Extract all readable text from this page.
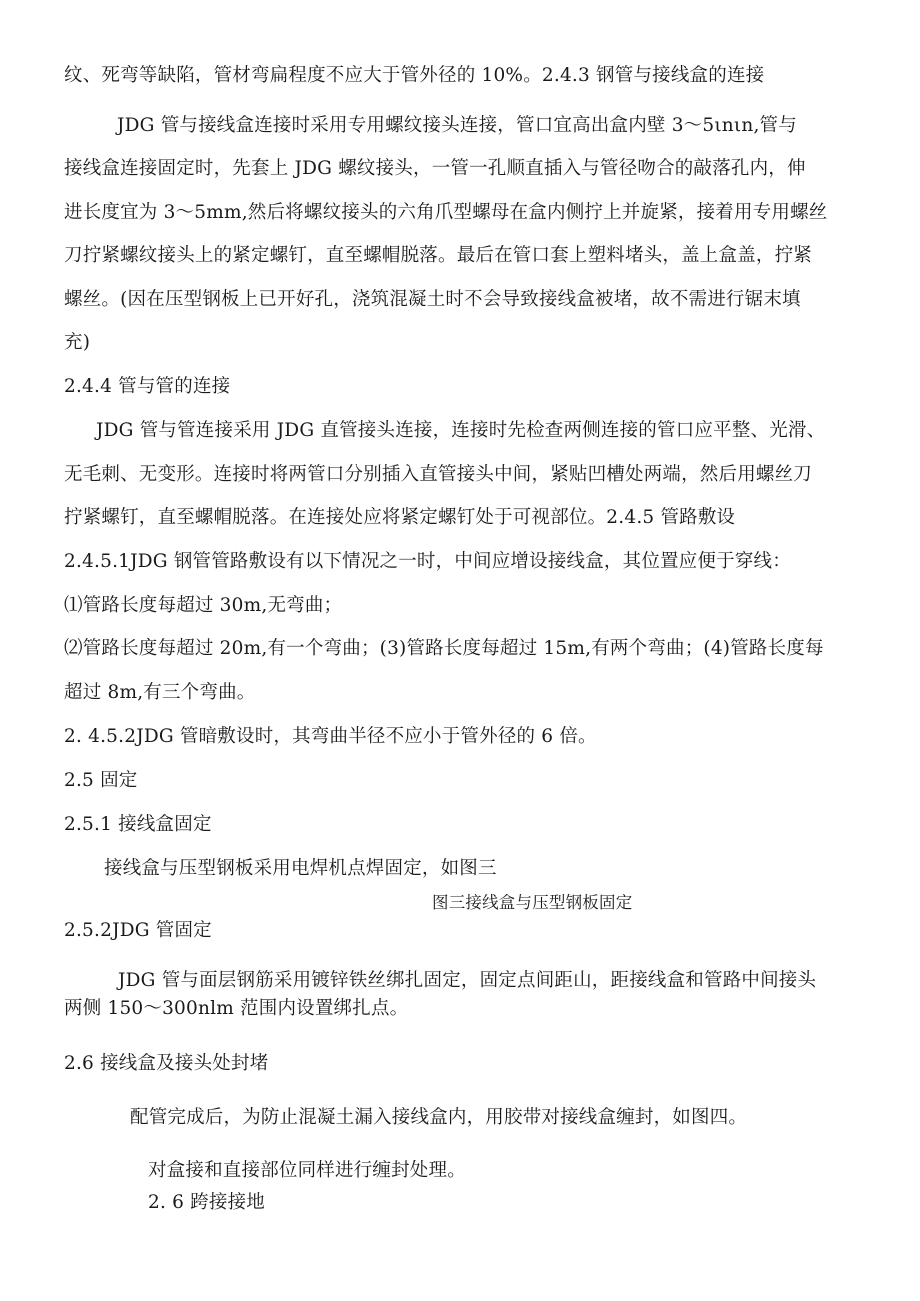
纹、死弯等缺陷，管材弯扁程度不应大于管外径的 10%。2.4.3 钢管与接线盒的连接
JDG 管与接线盒连接时采用专用螺纹接头连接，管口宜高出盒内壁 3～5ιnιn,管与
接线盒连接固定时，先套上 JDG 螺纹接头，一管一孔顺直插入与管径吻合的敲落孔内，伸
进长度宜为 3～5mm,然后将螺纹接头的六角爪型螺母在盒内侧拧上并旋紧，接着用专用螺丝
刀拧紧螺纹接头上的紧定螺钉，直至螺帽脱落。最后在管口套上塑料堵头，盖上盒盖，拧紧
螺丝。(因在压型钢板上已开好孔，浇筑混凝土时不会导致接线盒被堵，故不需进行锯末填
充)
2.4.4 管与管的连接
JDG 管与管连接采用 JDG 直管接头连接，连接时先检查两侧连接的管口应平整、光滑、
无毛刺、无变形。连接时将两管口分别插入直管接头中间，紧贴凹槽处两端，然后用螺丝刀
拧紧螺钉，直至螺帽脱落。在连接处应将紧定螺钉处于可视部位。2.4.5 管路敷设
2.4.5.1JDG 钢管管路敷设有以下情况之一时，中间应增设接线盒，其位置应便于穿线：
⑴管路长度每超过 30m,无弯曲；
⑵管路长度每超过 20m,有一个弯曲；(3)管路长度每超过 15m,有两个弯曲；(4)管路长度每
超过 8m,有三个弯曲。
2. 4.5.2JDG 管暗敷设时，其弯曲半径不应小于管外径的 6 倍。
2.5 固定
2.5.1 接线盒固定
接线盒与压型钢板采用电焊机点焊固定，如图三
图三接线盒与压型钢板固定
2.5.2JDG 管固定
JDG 管与面层钢筋采用镀锌铁丝绑扎固定，固定点间距山，距接线盒和管路中间接头
两侧 150～300nlm 范围内设置绑扎点。
2.6 接线盒及接头处封堵
配管完成后，为防止混凝土漏入接线盒内，用胶带对接线盒缠封，如图四。
对盒接和直接部位同样进行缠封处理。
2. 6 跨接接地
